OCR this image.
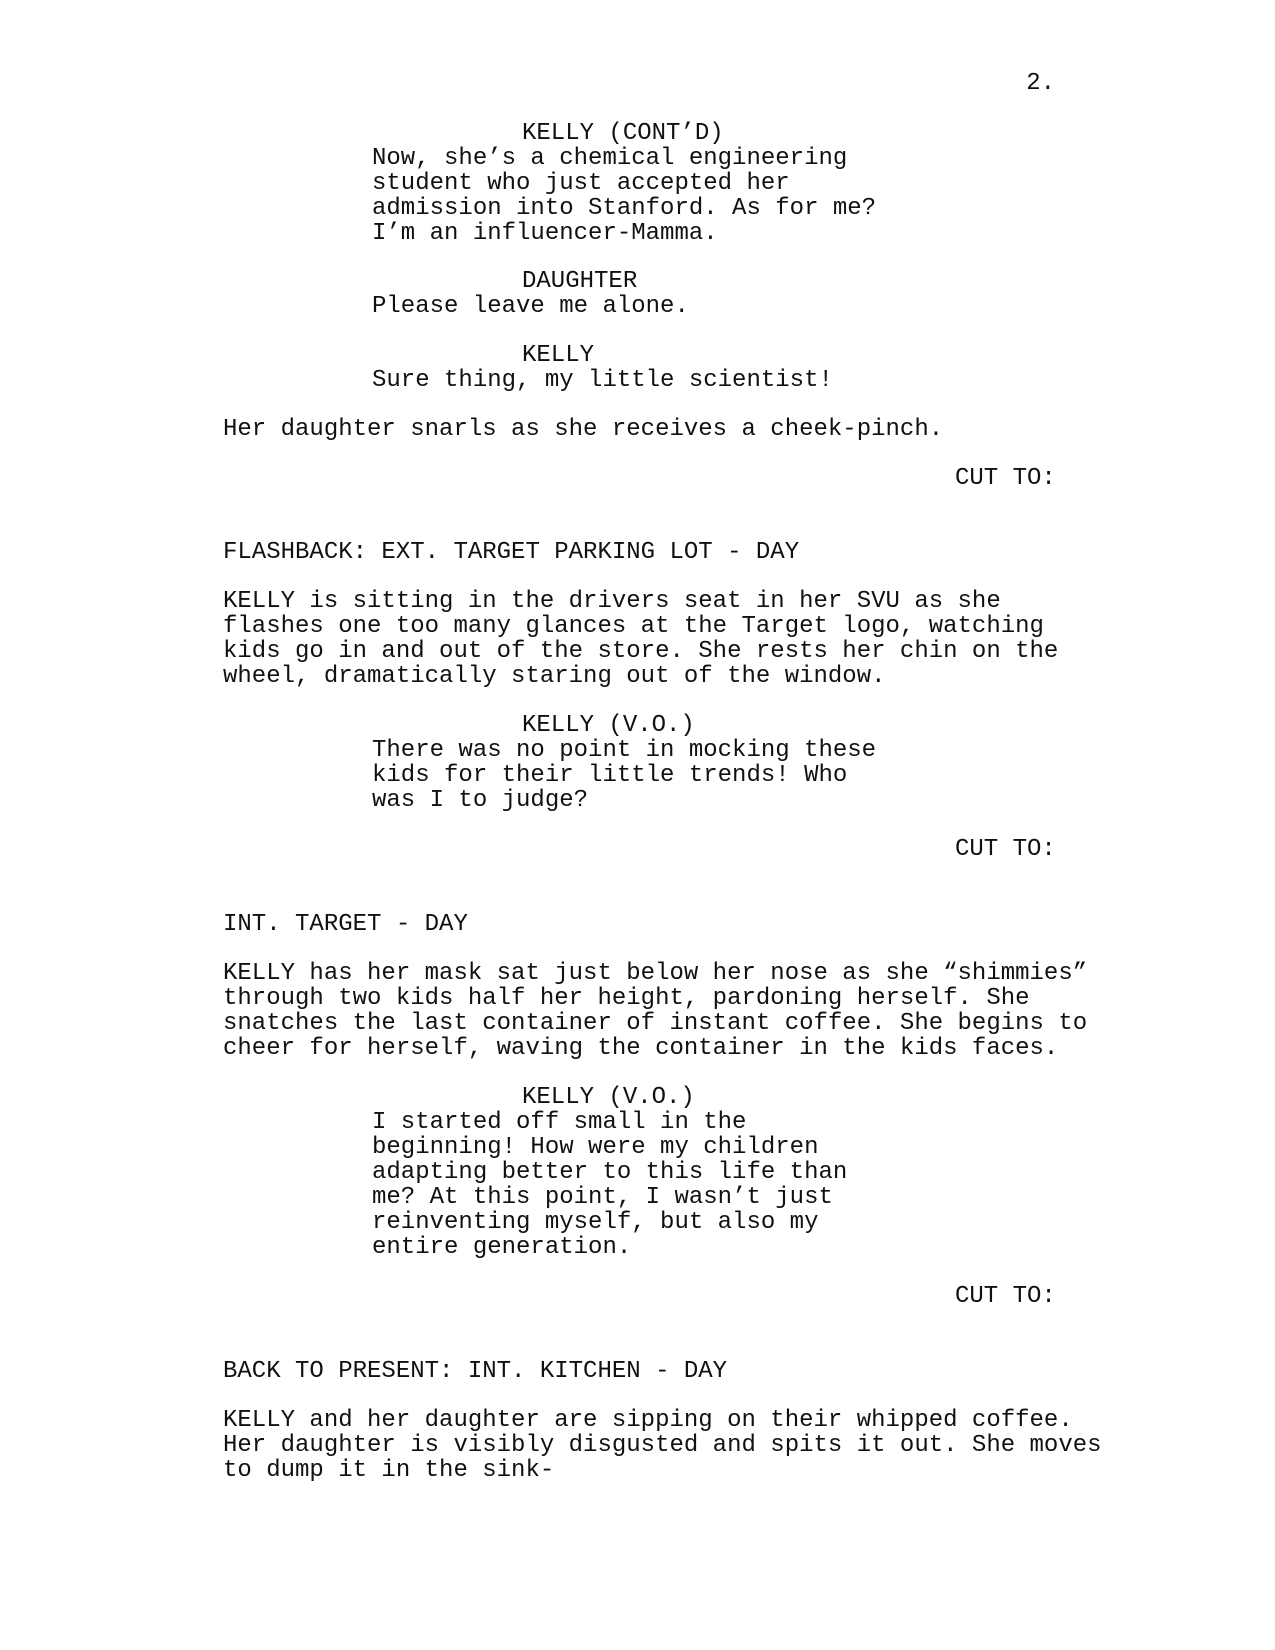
2.
KELLY (CONT’D)
Now, she’s a chemical engineering
student who just accepted her
admission into Stanford. As for me?
I’m an influencer-Mamma.
DAUGHTER
Please leave me alone.
KELLY
Sure thing, my little scientist!
Her daughter snarls as she receives a cheek-pinch.
CUT TO:
FLASHBACK: EXT. TARGET PARKING LOT - DAY
KELLY is sitting in the drivers seat in her SVU as she
flashes one too many glances at the Target logo, watching
kids go in and out of the store. She rests her chin on the
wheel, dramatically staring out of the window.
KELLY (V.O.)
There was no point in mocking these
kids for their little trends! Who
was I to judge?
CUT TO:
INT. TARGET - DAY
KELLY has her mask sat just below her nose as she “shimmies”
through two kids half her height, pardoning herself. She
snatches the last container of instant coffee. She begins to
cheer for herself, waving the container in the kids faces.
KELLY (V.O.)
I started off small in the
beginning! How were my children
adapting better to this life than
me? At this point, I wasn’t just
reinventing myself, but also my
entire generation.
CUT TO:
BACK TO PRESENT: INT. KITCHEN - DAY
KELLY and her daughter are sipping on their whipped coffee.
Her daughter is visibly disgusted and spits it out. She moves
to dump it in the sink-
